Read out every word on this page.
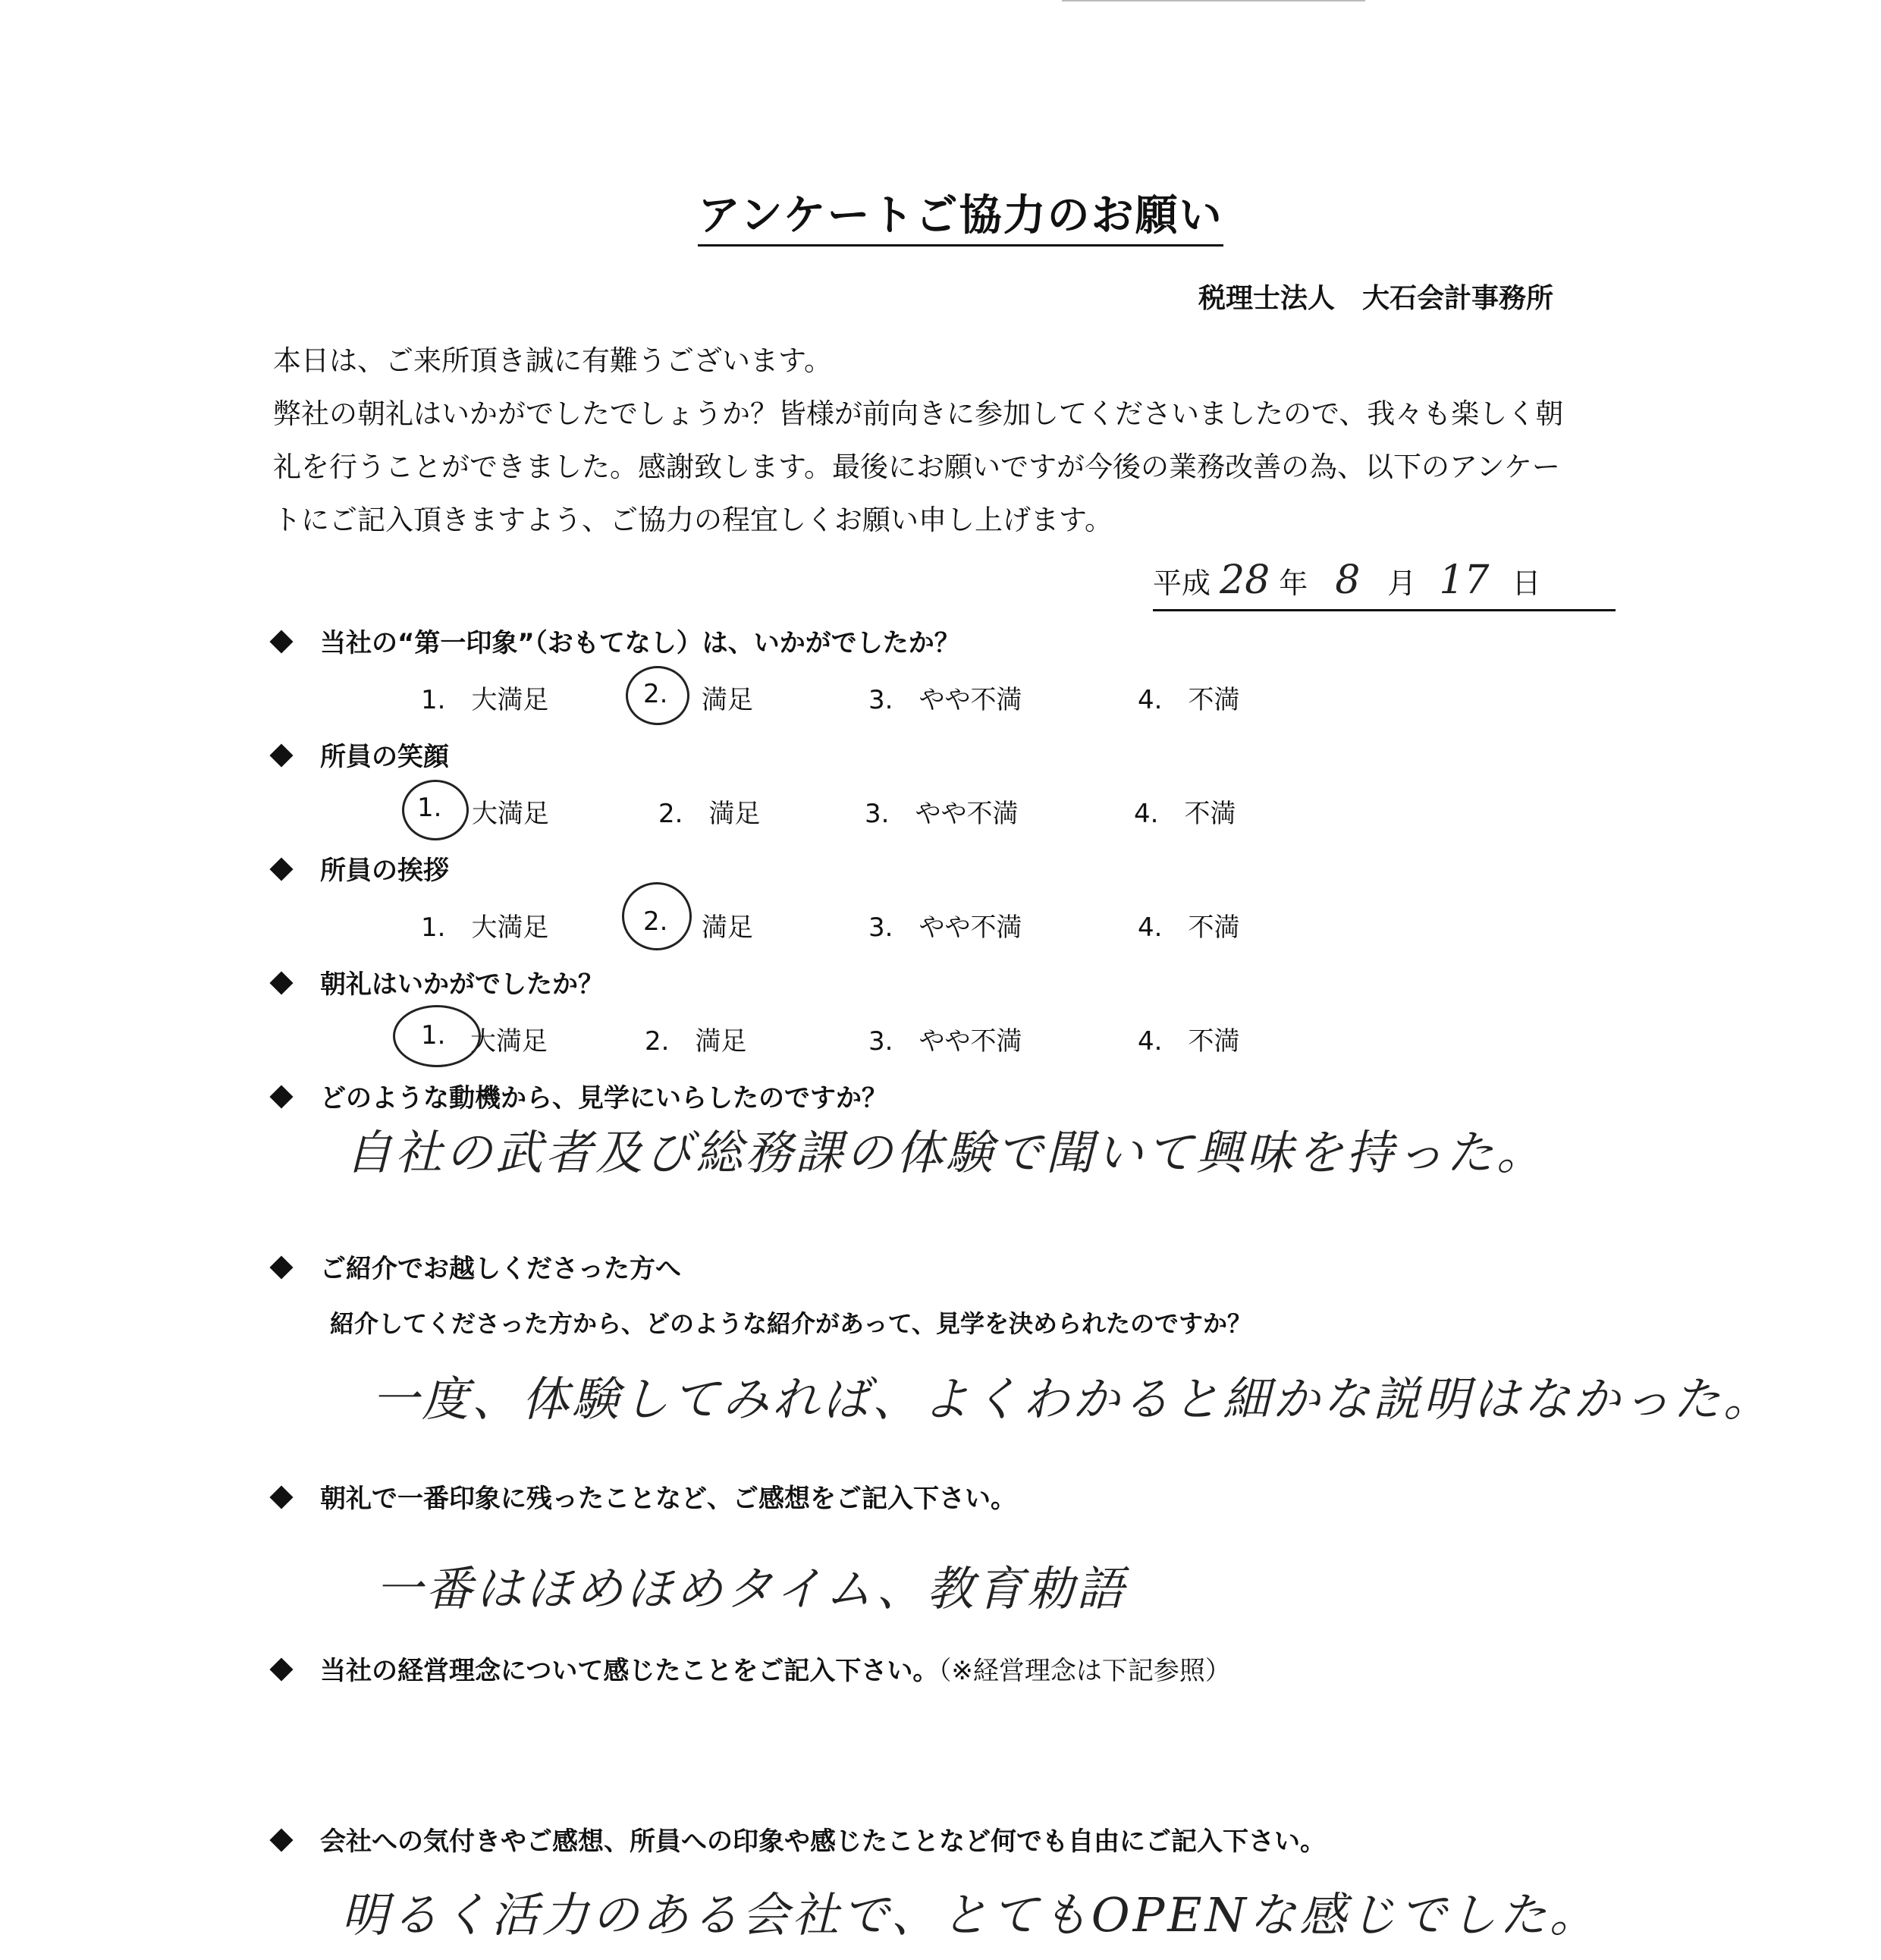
アンケートご協力のお願い
税理士法人　大石会計事務所
本日は、ご来所頂き誠に有難うございます。
弊社の朝礼はいかがでしたでしょうか？皆様が前向きに参加してくださいましたので、我々も楽しく朝
礼を行うことができました。感謝致します。最後にお願いですが今後の業務改善の為、以下のアンケー
トにご記入頂きますよう、ご協力の程宜しくお願い申し上げます。
平成 28 年 8 月 17 日
当社の“第一印象”（おもてなし）は、いかがでしたか？
1.　大満足	2. 満足	3.　やや不満	4.　不満
所員の笑顔
1. 大満足	2.　満足	3.　やや不満	4.　不満
所員の挨拶
1.　大満足	2. 満足	3.　やや不満	4.　不満
朝礼はいかがでしたか？
1. 大満足	2.　満足	3.　やや不満	4.　不満
どのような動機から、見学にいらしたのですか？
自社の武者及び総務課の体験で聞いて興味を持った。
ご紹介でお越しくださった方へ
紹介してくださった方から、どのような紹介があって、見学を決められたのですか？
一度、体験してみれば、よくわかると細かな説明はなかった。
朝礼で一番印象に残ったことなど、ご感想をご記入下さい。
一番はほめほめタイム、教育勅語
当社の経営理念について感じたことをご記入下さい。（※経営理念は下記参照）
会社への気付きやご感想、所員への印象や感じたことなど何でも自由にご記入下さい。
明るく活力のある会社で、とてもOPENな感じでした。
